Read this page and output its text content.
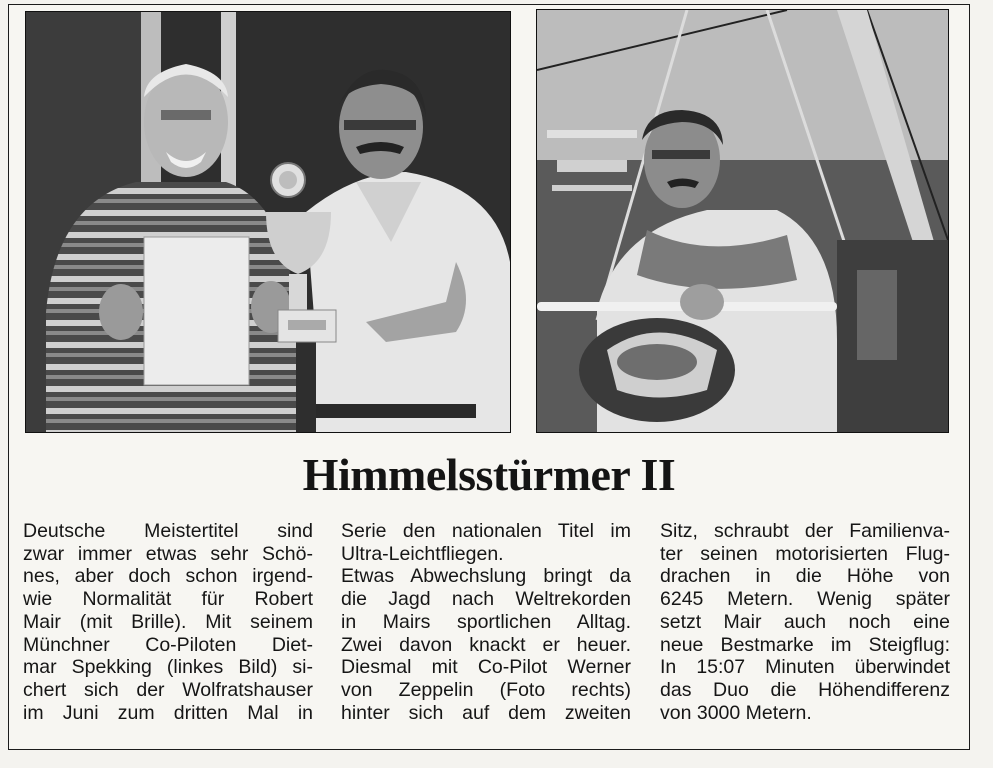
Himmelsstürmer II
Deutsche Meistertitel sind
zwar immer etwas sehr Schö-
nes, aber doch schon irgend-
wie Normalität für Robert
Mair (mit Brille). Mit seinem
Münchner Co-Piloten Diet-
mar Spekking (linkes Bild) si-
chert sich der Wolfratshauser
im Juni zum dritten Mal in
Serie den nationalen Titel im
Ultra-Leichtfliegen.
Etwas Abwechslung bringt da
die Jagd nach Weltrekorden
in Mairs sportlichen Alltag.
Zwei davon knackt er heuer.
Diesmal mit Co-Pilot Werner
von Zeppelin (Foto rechts)
hinter sich auf dem zweiten
Sitz, schraubt der Familienva-
ter seinen motorisierten Flug-
drachen in die Höhe von
6245 Metern. Wenig später
setzt Mair auch noch eine
neue Bestmarke im Steigflug:
In 15:07 Minuten überwindet
das Duo die Höhendifferenz
von 3000 Metern.
